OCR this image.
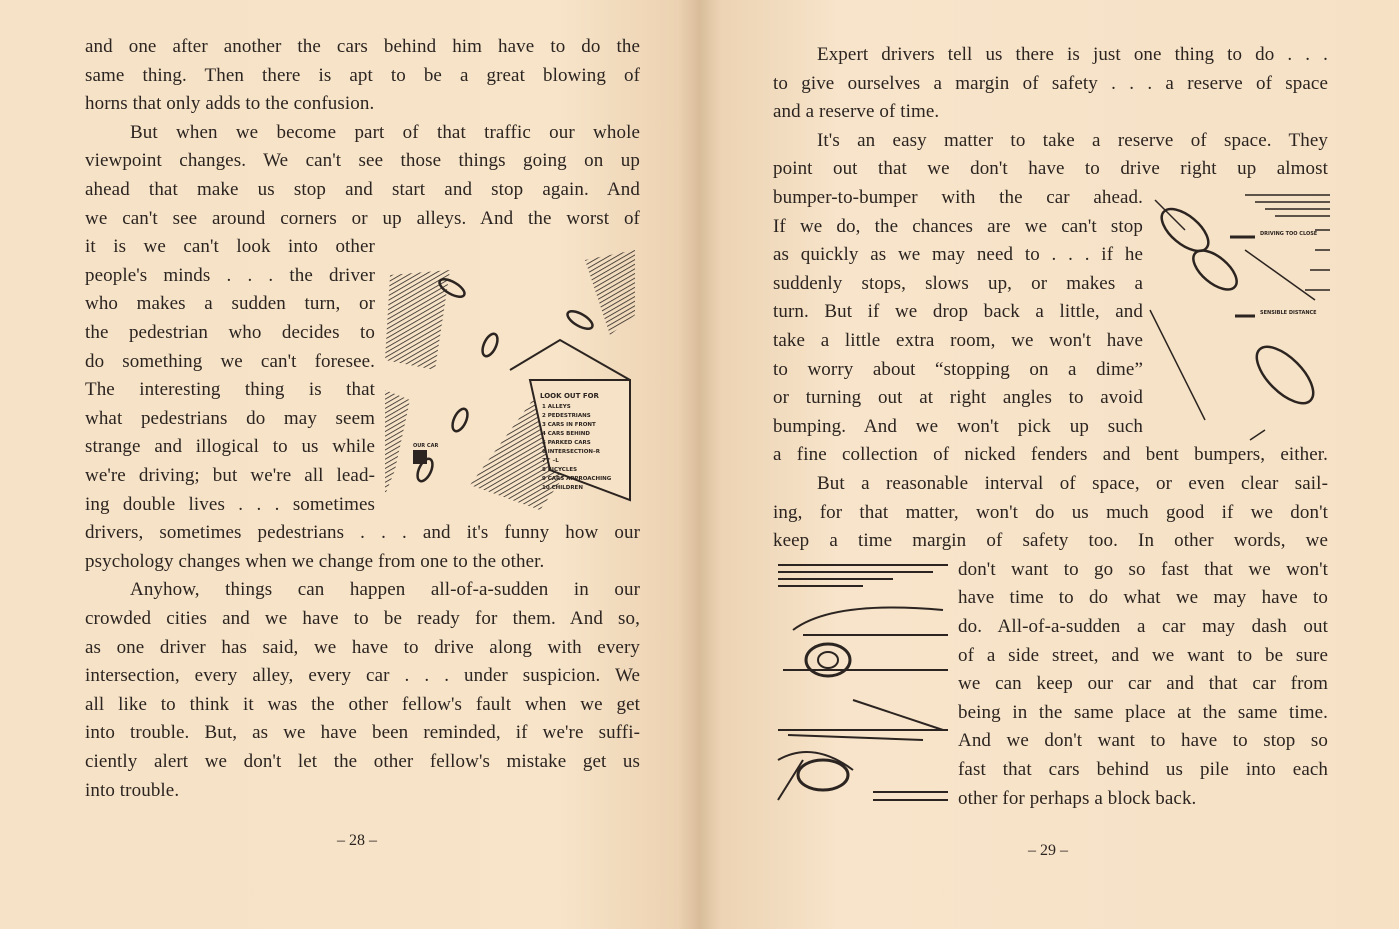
and one after another the cars behind him have to do the
same thing. Then there is apt to be a great blowing of
horns that only adds to the confusion.
But when we become part of that traffic our whole
viewpoint changes. We can't see those things going on up
ahead that make us stop and start and stop again. And
we can't see around corners or up alleys. And the worst of
it is we can't look into other
people's minds . . . the driver
who makes a sudden turn, or
the pedestrian who decides to
do something we can't foresee.
The interesting thing is that
what pedestrians do may seem
strange and illogical to us while
we're driving; but we're all lead-
ing double lives . . . sometimes
drivers, sometimes pedestrians . . . and it's funny how our
psychology changes when we change from one to the other.
Anyhow, things can happen all-of-a-sudden in our
crowded cities and we have to be ready for them. And so,
as one driver has said, we have to drive along with every
intersection, every alley, every car . . . under suspicion. We
all like to think it was the other fellow's fault when we get
into trouble. But, as we have been reminded, if we're suffi-
ciently alert we don't let the other fellow's mistake get us
into trouble.
LOOK OUT FOR
1 ALLEYS
2 PEDESTRIANS
3 CARS IN FRONT
4 CARS BEHIND
5 PARKED CARS
6 INTERSECTION–R
7 " –L
8 BICYCLES
9 CARS APPROACHING
10 CHILDREN
OUR CAR
– 28 –
Expert drivers tell us there is just one thing to do . . .
to give ourselves a margin of safety . . . a reserve of space
and a reserve of time.
It's an easy matter to take a reserve of space. They
point out that we don't have to drive right up almost
bumper-to-bumper with the car ahead.
If we do, the chances are we can't stop
as quickly as we may need to . . . if he
suddenly stops, slows up, or makes a
turn. But if we drop back a little, and
take a little extra room, we won't have
to worry about “stopping on a dime”
or turning out at right angles to avoid
bumping. And we won't pick up such
a fine collection of nicked fenders and bent bumpers, either.
But a reasonable interval of space, or even clear sail-
ing, for that matter, won't do us much good if we don't
keep a time margin of safety too. In other words, we
don't want to go so fast that we won't
have time to do what we may have to
do. All-of-a-sudden a car may dash out
of a side street, and we want to be sure
we can keep our car and that car from
being in the same place at the same time.
And we don't want to have to stop so
fast that cars behind us pile into each
other for perhaps a block back.
DRIVING TOO CLOSE
SENSIBLE DISTANCE
– 29 –
